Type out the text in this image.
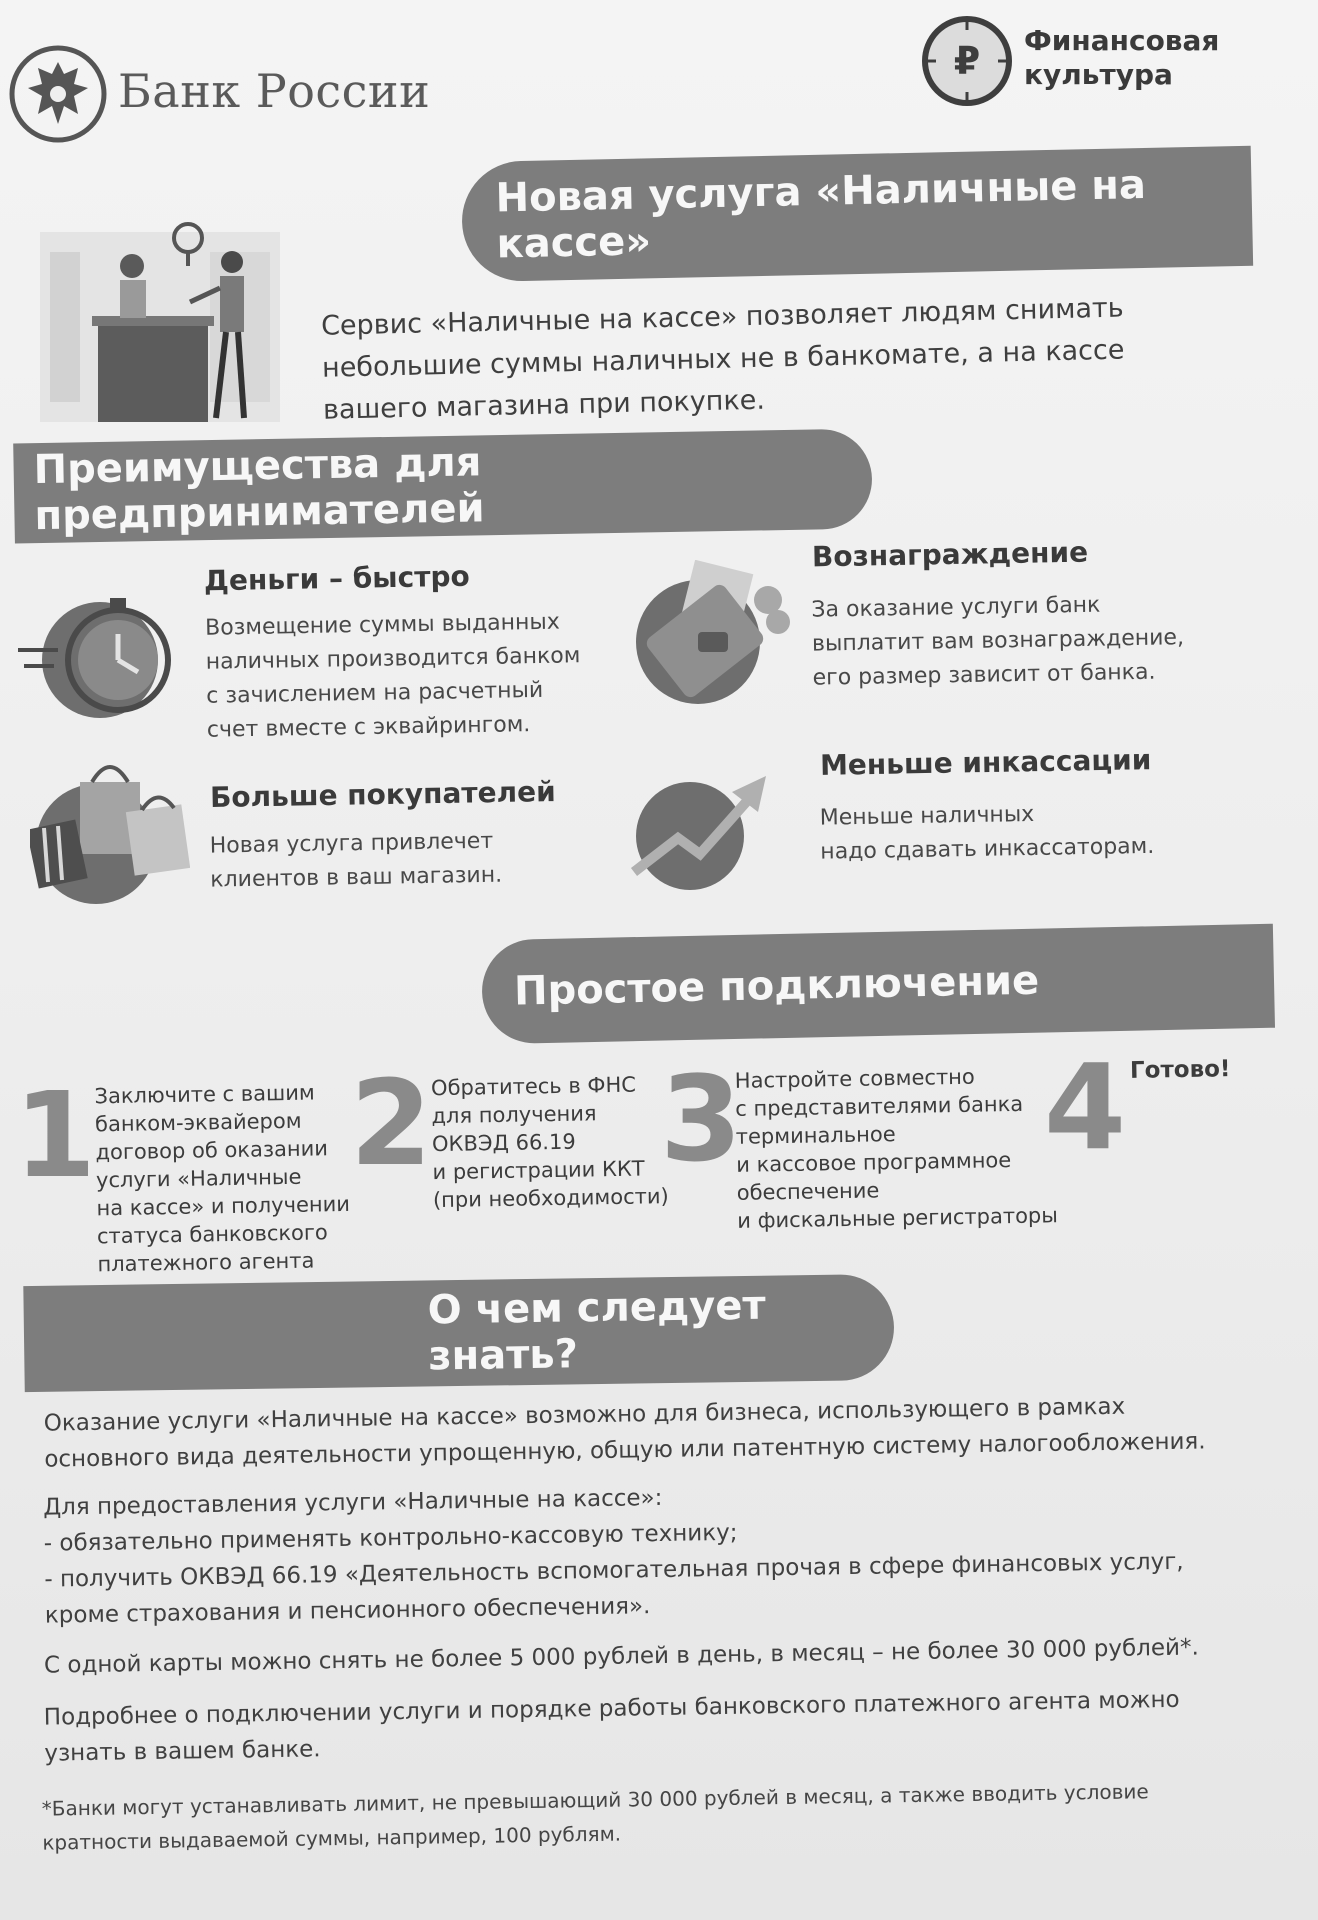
Банк России
₽ Финансовая
культура
Новая услуга «Наличные на кассе»
Сервис «Наличные на кассе» позволяет людям снимать
небольшие суммы наличных не в банкомате, а на кассе
вашего магазина при покупке.
Преимущества для предпринимателей
Деньги – быстро
Возмещение суммы выданных
наличных производится банком
с зачислением на расчетный
счет вместе с эквайрингом.
Вознаграждение
За оказание услуги банк
выплатит вам вознаграждение,
его размер зависит от банка.
Больше покупателей
Новая услуга привлечет
клиентов в ваш магазин.
Меньше инкассации
Меньше наличных
надо сдавать инкассаторам.
Простое подключение
1
Заключите с вашим
банком-эквайером
договор об оказании
услуги «Наличные
на кассе» и получении
статуса банковского
платежного агента
2
Обратитесь в ФНС
для получения
ОКВЭД 66.19
и регистрации ККТ
(при необходимости)
3
Настройте совместно
с представителями банка
терминальное
и кассовое программное
обеспечение
и фискальные регистраторы
4 Готово!
О чем следует знать?
Оказание услуги «Наличные на кассе» возможно для бизнеса, использующего в рамках
основного вида деятельности упрощенную, общую или патентную систему налогообложения.
Для предоставления услуги «Наличные на кассе»:
- обязательно применять контрольно-кассовую технику;
- получить ОКВЭД 66.19 «Деятельность вспомогательная прочая в сфере финансовых услуг,
кроме страхования и пенсионного обеспечения».
С одной карты можно снять не более 5 000 рублей в день, в месяц – не более 30 000 рублей*.
Подробнее о подключении услуги и порядке работы банковского платежного агента можно
узнать в вашем банке.
*Банки могут устанавливать лимит, не превышающий 30 000 рублей в месяц, а также вводить условие
кратности выдаваемой суммы, например, 100 рублям.
